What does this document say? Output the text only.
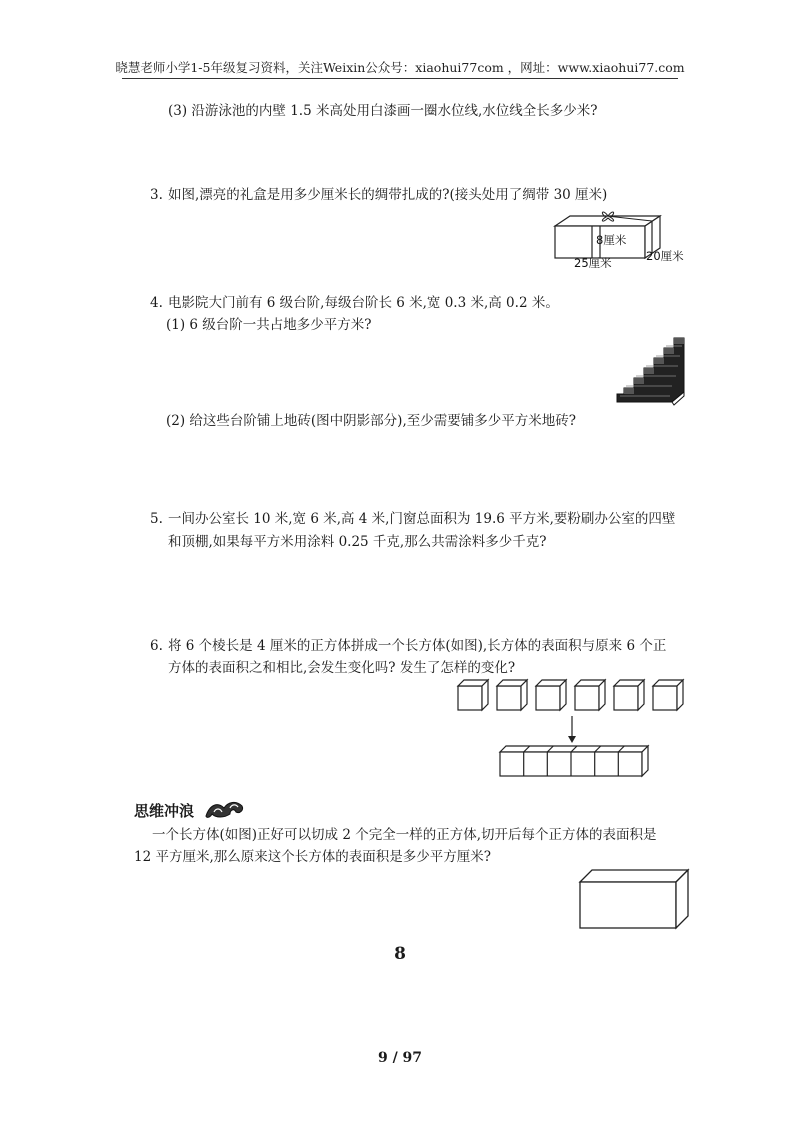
晓慧老师小学1-5年级复习资料，关注Weixin公众号：xiaohui77com ，网址：www.xiaohui77.com
(3) 沿游泳池的内壁 1.5 米高处用白漆画一圈水位线,水位线全长多少米?
3. 如图,漂亮的礼盒是用多少厘米长的绸带扎成的?(接头处用了绸带 30 厘米)
8厘米
25厘米	20厘米
4. 电影院大门前有 6 级台阶,每级台阶长 6 米,宽 0.3 米,高 0.2 米。
(1) 6 级台阶一共占地多少平方米?
(2) 给这些台阶铺上地砖(图中阴影部分),至少需要铺多少平方米地砖?
5. 一间办公室长 10 米,宽 6 米,高 4 米,门窗总面积为 19.6 平方米,要粉刷办公室的四壁
和顶棚,如果每平方米用涂料 0.25 千克,那么共需涂料多少千克?
6. 将 6 个棱长是 4 厘米的正方体拼成一个长方体(如图),长方体的表面积与原来 6 个正
方体的表面积之和相比,会发生变化吗? 发生了怎样的变化?
思维冲浪
一个长方体(如图)正好可以切成 2 个完全一样的正方体,切开后每个正方体的表面积是
12 平方厘米,那么原来这个长方体的表面积是多少平方厘米?
8
9 / 97
